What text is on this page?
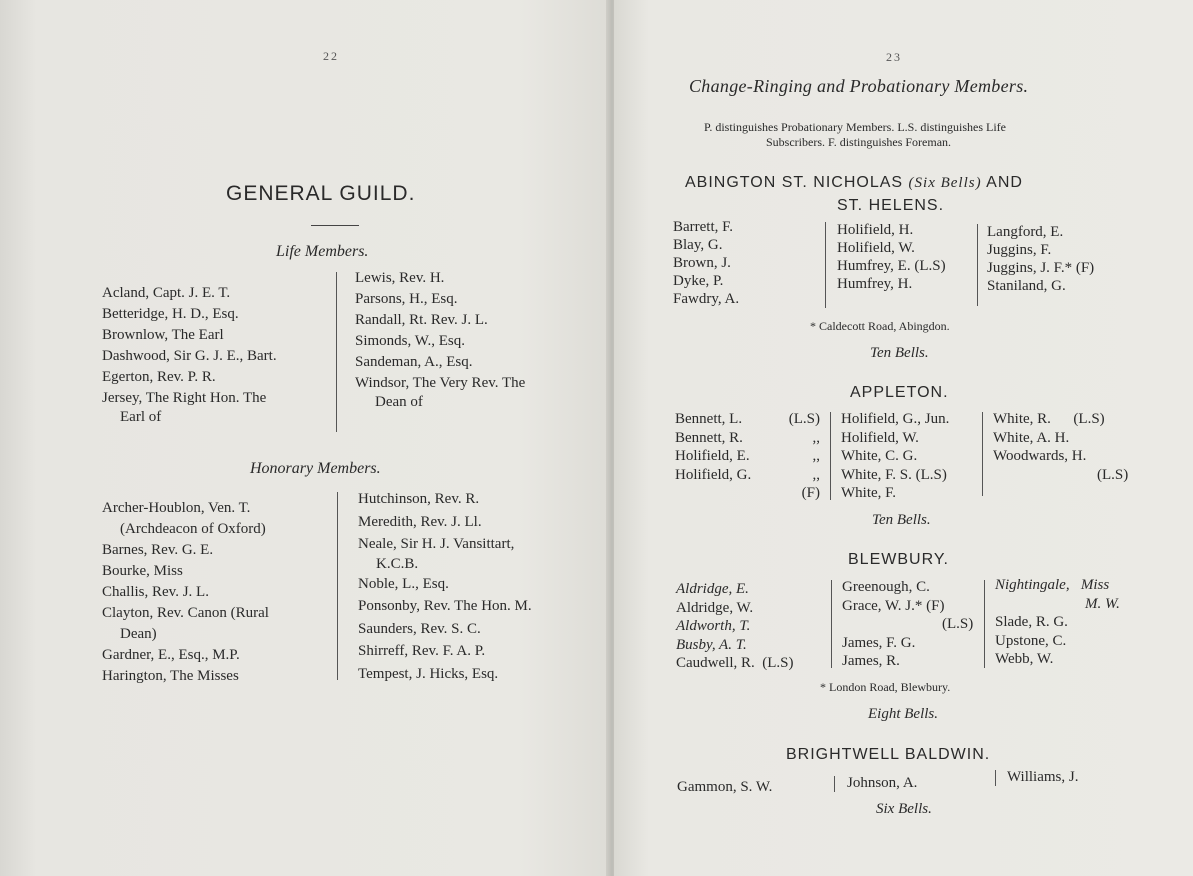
22
GENERAL GUILD.
Life Members.
Acland, Capt. J. E. T.
Betteridge, H. D., Esq.
Brownlow, The Earl
Dashwood, Sir G. J. E., Bart.
Egerton, Rev. P. R.
Jersey, The Right Hon. The
Earl of
Lewis, Rev. H.
Parsons, H., Esq.
Randall, Rt. Rev. J. L.
Simonds, W., Esq.
Sandeman, A., Esq.
Windsor, The Very Rev. The
Dean of
Honorary Members.
Archer-Houblon, Ven. T.
(Archdeacon of Oxford)
Barnes, Rev. G. E.
Bourke, Miss
Challis, Rev. J. L.
Clayton, Rev. Canon (Rural
Dean)
Gardner, E., Esq., M.P.
Harington, The Misses
Hutchinson, Rev. R.
Meredith, Rev. J. Ll.
Neale, Sir H. J. Vansittart,
K.C.B.
Noble, L., Esq.
Ponsonby, Rev. The Hon. M.
Saunders, Rev. S. C.
Shirreff, Rev. F. A. P.
Tempest, J. Hicks, Esq.
23
Change-Ringing and Probationary Members.
P. distinguishes Probationary Members. L.S. distinguishes Life
Subscribers. F. distinguishes Foreman.
ABINGTON ST. NICHOLAS (Six Bells) AND
ST. HELENS.
Barrett, F.
Blay, G.
Brown, J.
Dyke, P.
Fawdry, A.
Holifield, H.
Holifield, W.
Humfrey, E. (L.S)
Humfrey, H.
Langford, E.
Juggins, F.
Juggins, J. F.* (F)
Staniland, G.
* Caldecott Road, Abingdon.
Ten Bells.
APPLETON.
Bennett, L.
Bennett, R.
Holifield, E.
Holifield, G.
(L.S)
,,
,,
,,
(F)
Holifield, G., Jun.
Holifield, W.
White, C. G.
White, F. S. (L.S)
White, F.
White, R.      (L.S)
White, A. H.
Woodwards, H.
(L.S)
Ten Bells.
BLEWBURY.
Aldridge, E.
Aldridge, W.
Aldworth, T.
Busby, A. T.
Caudwell, R.  (L.S)
Greenough, C.
Grace, W. J.* (F)
(L.S)
James, F. G.
James, R.
Nightingale,   Miss
M. W.
Slade, R. G.
Upstone, C.
Webb, W.
* London Road, Blewbury.
Eight Bells.
BRIGHTWELL BALDWIN.
Gammon, S. W.	Johnson, A.	Williams, J.
Six Bells.
